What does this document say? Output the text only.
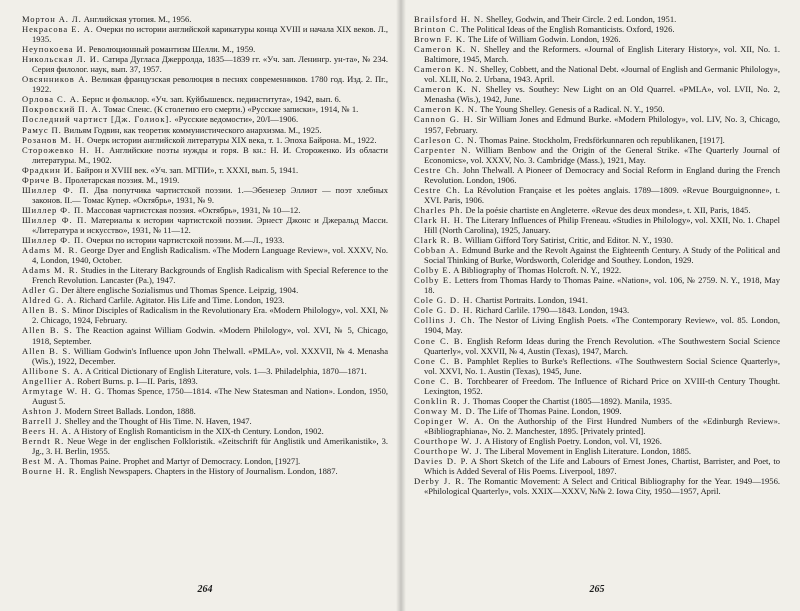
Мортон А. Л. Английская утопия. М., 1956.

Некрасова Е. А. Очерки по истории английской карикатуры конца XVIII и начала XIX веков. Л., 1935.

Неупокоева И. Революционный романтизм Шелли. М., 1959.

Никольская Л. И. Сатира Дугласа Джерролда, 1835—1839 гг. «Уч. зап. Ленингр. ун-та», № 234. Серия филолог. наук, вып. 37, 1957.

Овсянников А. Великая французская революция в песнях современников. 1780 год. Изд. 2. Пг., 1922.

Орлова С. А. Бернс и фольклор. «Уч. зап. Куйбышевск. пединститута», 1942, вып. 6.

Покровский П. А. Томас Спенс. (К столетию его смерти.) «Русские записки», 1914, № 1.

Последний чартист [Дж. Голиок]. «Русские ведомости», 20/I—1906.

Рамус П. Вильям Годвин, как теоретик коммунистического анархизма. М., 1925.

Розанов М. Н. Очерк истории английской литературы XIX века, т. 1. Эпоха Байрона. М., 1922.

Сторожевко Н. Н. Английские поэты нужды и горя. В кн.: Н. И. Стороженко. Из области литературы. М., 1902.

Фрадкин И. Байрон и XVIII век. «Уч. зап. МГПИ», т. XXXI, вып. 5, 1941.

Фриче В. Пролетарская поэзия. М., 1919.

Шиллер Ф. П. Два попутчика чартистской поэзии. 1.—Эбенезер Эллиот — поэт хлебных законов. II.— Томас Купер. «Октябрь», 1931, № 9.

Шиллер Ф. П. Массовая чартистская поэзия. «Октябрь», 1931, № 10—12.

Шиллер Ф. П. Материалы к истории чартистской поэзии. Эрнест Джонс и Джеральд Масси. «Литература и искусство», 1931, № 11—12.

Шиллер Ф. П. Очерки по истории чартистской поэзии. М.—Л., 1933.

Adams M. R. George Dyer and English Radicalism. «The Modern Language Review», vol. XXXV, No. 4, London, 1940, October.

Adams M. R. Studies in the Literary Backgrounds of English Radicalism with Special Reference to the French Revolution. Lancaster (Pa.), 1947.

Adler G. Der ältere englische Sozialismus und Thomas Spence. Leipzig, 1904.

Aldred G. A. Richard Carlile. Agitator. His Life and Time. London, 1923.

Allen B. S. Minor Disciples of Radicalism in the Revolutionary Era. «Modern Philology», vol. XXI, № 2. Chicago, 1924, February.

Allen B. S. The Reaction against William Godwin. «Modern Philology», vol. XVI, № 5, Chicago, 1918, September.

Allen B. S. William Godwin's Influence upon John Thelwall. «PMLA», vol. XXXVII, № 4. Menasha (Wis.), 1922, December.

Allibone S. A. A Critical Dictionary of English Literature, vols. 1—3. Philadelphia, 1870—1871.

Angellier A. Robert Burns. p. I—II. Paris, 1893.

Armytage W. H. G. Thomas Spence, 1750—1814. «The New Statesman and Nation». London, 1950, August 5.

Ashton J. Modern Street Ballads. London, 1888.

Barrell J. Shelley and the Thought of His Time. N. Haven, 1947.

Beers H. A. A History of English Romanticism in the XIX-th Century. London, 1902.

Berndt R. Neue Wege in der englischen Folkloristik. «Zeitschrift für Anglistik und Amerikanistik», 3. Jg., 3. H. Berlin, 1955.

Best M. A. Thomas Paine. Prophet and Martyr of Democracy. London, [1927].

Bourne H. R. English Newspapers. Chapters in the History of Journalism. London, 1887.

264

Brailsford H. N. Shelley, Godwin, and Their Circle. 2 ed. London, 1951.

Brinton C. The Political Ideas of the English Romanticists. Oxford, 1926.

Brown F. K. The Life of William Godwin. London, 1926.

Cameron K. N. Shelley and the Reformers. «Journal of English Literary History», vol. XII, No. 1. Baltimore, 1945, March.

Cameron K. N. Shelley, Cobbett, and the National Debt. «Journal of English and Germanic Philology», vol. XLII, No. 2. Urbana, 1943. April.

Cameron K. N. Shelley vs. Southey: New Light on an Old Quarrel. «PMLA», vol. LVII, No. 2, Menasha (Wis.), 1942, June.

Cameron K. N. The Young Shelley. Genesis of a Radical. N. Y., 1950.

Cannon G. H. Sir William Jones and Edmund Burke. «Modern Philology», vol. LIV, No. 3, Chicago, 1957, February.

Carleson C. N. Thomas Paine. Stockholm, Fredsförkunnaren och republikanen, [1917].

Carpenter N. William Benbow and the Origin of the General Strike. «The Quarterly Journal of Economics», vol. XXXV, No. 3. Cambridge (Mass.), 1921, May.

Cestre Ch. John Thelwall. A Pioneer of Democracy and Social Reform in England during the French Revolution. London, 1906.

Cestre Ch. La Révolution Française et les poètes anglais. 1789—1809. «Revue Bourguignonne», t. XVI. Paris, 1906.

Charles Ph. De la poésie chartiste en Angleterre. «Revue des deux mondes», t. XII, Paris, 1845.

Clark H. H. The Literary Influences of Philip Freneau. «Studies in Philology», vol. XXII, No. 1. Chapel Hill (North Carolina), 1925, January.

Clark R. B. William Gifford Tory Satirist, Critic, and Editor. N. Y., 1930.

Cobban A. Edmund Burke and the Revolt Against the Eighteenth Century. A Study of the Political and Social Thinking of Burke, Wordsworth, Coleridge and Southey. London, 1929.

Colby E. A Bibliography of Thomas Holcroft. N. Y., 1922.

Colby E. Letters from Thomas Hardy to Thomas Paine. «Nation», vol. 106, № 2759. N. Y., 1918, May 18.

Cole G. D. H. Chartist Portraits. London, 1941.

Cole G. D. H. Richard Carlile. 1790—1843. London, 1943.

Collins J. Ch. The Nestor of Living English Poets. «The Contemporary Review», vol. 85. London, 1904, May.

Cone C. B. English Reform Ideas during the French Revolution. «The Southwestern Social Science Quarterly», vol. XXVII, № 4, Austin (Texas), 1947, March.

Cone C. B. Pamphlet Replies to Burke's Reflections. «The Southwestern Social Science Quarterly», vol. XXVI, No. 1. Austin (Texas), 1945, June.

Cone C. B. Torchbearer of Freedom. The Influence of Richard Price on XVIII-th Century Thought. Lexington, 1952.

Conklin R. J. Thomas Cooper the Chartist (1805—1892). Manila, 1935.

Conway M. D. The Life of Thomas Paine. London, 1909.

Copinger W. A. On the Authorship of the First Hundred Numbers of the «Edinburgh Review». «Bibliographiana», No. 2. Manchester, 1895. [Privately printed].

Courthope W. J. A History of English Poetry. London, vol. VI, 1926.

Courthope W. J. The Liberal Movement in English Literature. London, 1885.

Davies D. P. A Short Sketch of the Life and Labours of Ernest Jones, Chartist, Barrister, and Poet, to Which is Added Several of His Poems. Liverpool, 1897.

Derby J. R. The Romantic Movement: A Select and Critical Bibliography for the Year. 1949—1956. «Philological Quarterly», vols. XXIX—XXXV, №№ 2. Iowa City, 1950—1957, April.

265
